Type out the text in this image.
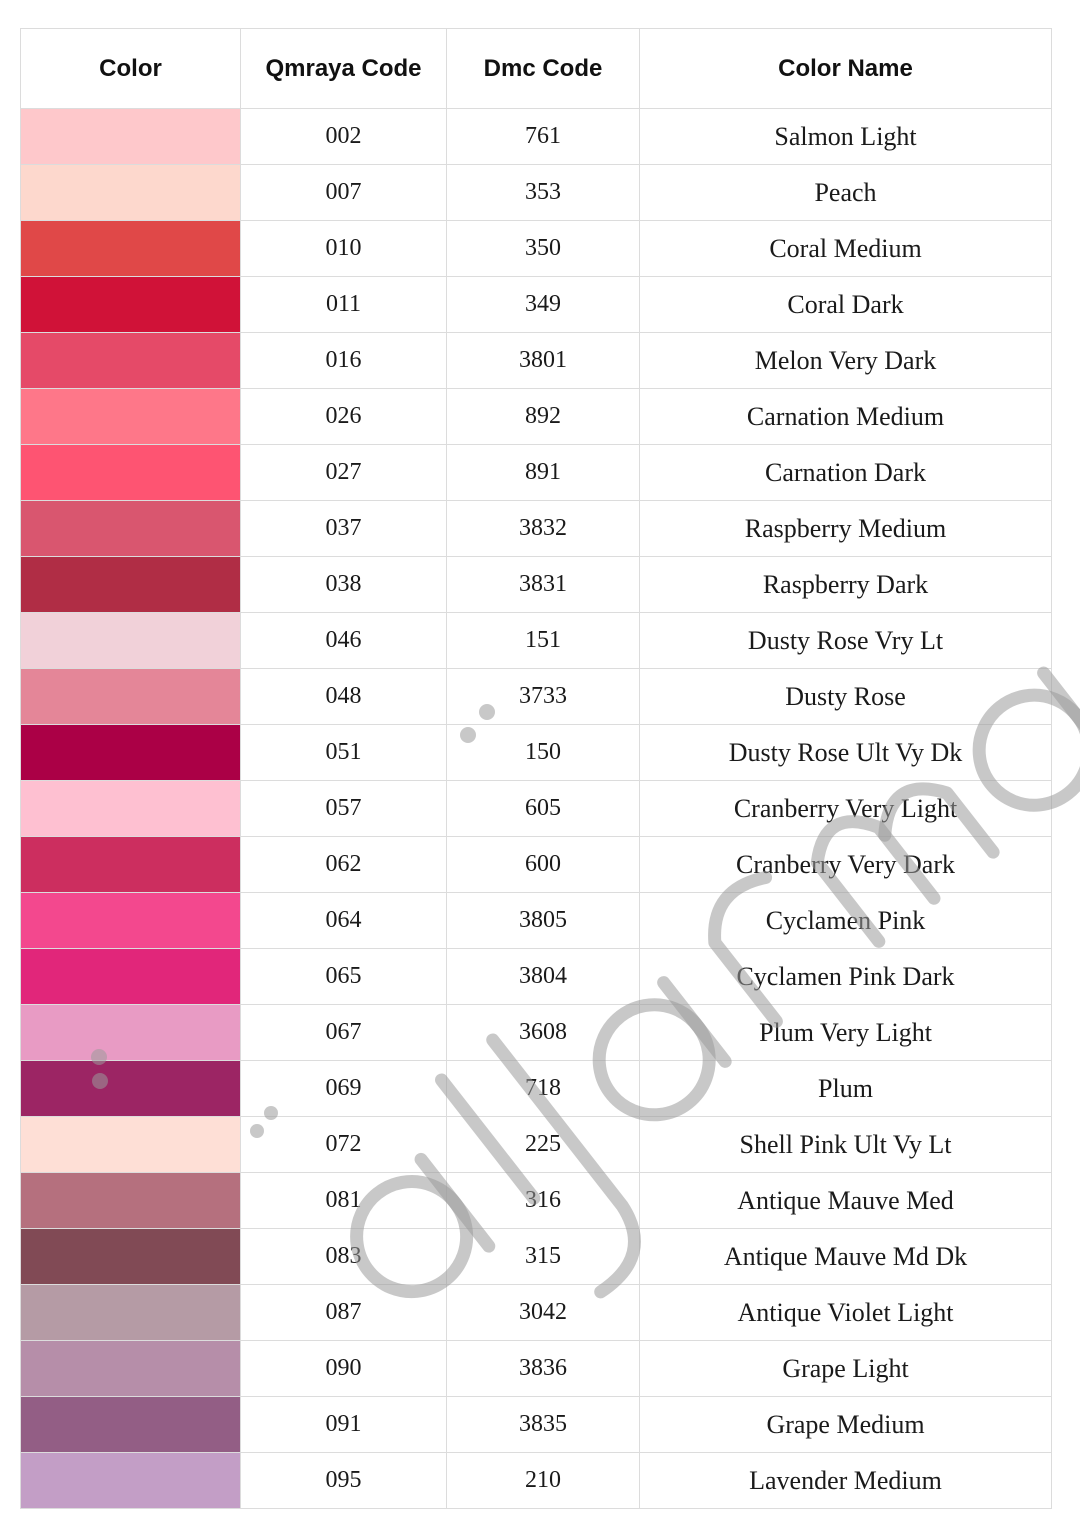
Color	Qmraya Code	Dmc Code	Color Name
	002	761	Salmon Light
	007	353	Peach
	010	350	Coral Medium
	011	349	Coral Dark
	016	3801	Melon Very Dark
	026	892	Carnation Medium
	027	891	Carnation Dark
	037	3832	Raspberry Medium
	038	3831	Raspberry Dark
	046	151	Dusty Rose Vry Lt
	048	3733	Dusty Rose
	051	150	Dusty Rose Ult Vy Dk
	057	605	Cranberry Very Light
	062	600	Cranberry Very Dark
	064	3805	Cyclamen Pink
	065	3804	Cyclamen Pink Dark
	067	3608	Plum Very Light
	069	718	Plum
	072	225	Shell Pink Ult Vy Lt
	081	316	Antique Mauve Med
	083	315	Antique Mauve Md Dk
	087	3042	Antique Violet Light
	090	3836	Grape Light
	091	3835	Grape Medium
	095	210	Lavender Medium
